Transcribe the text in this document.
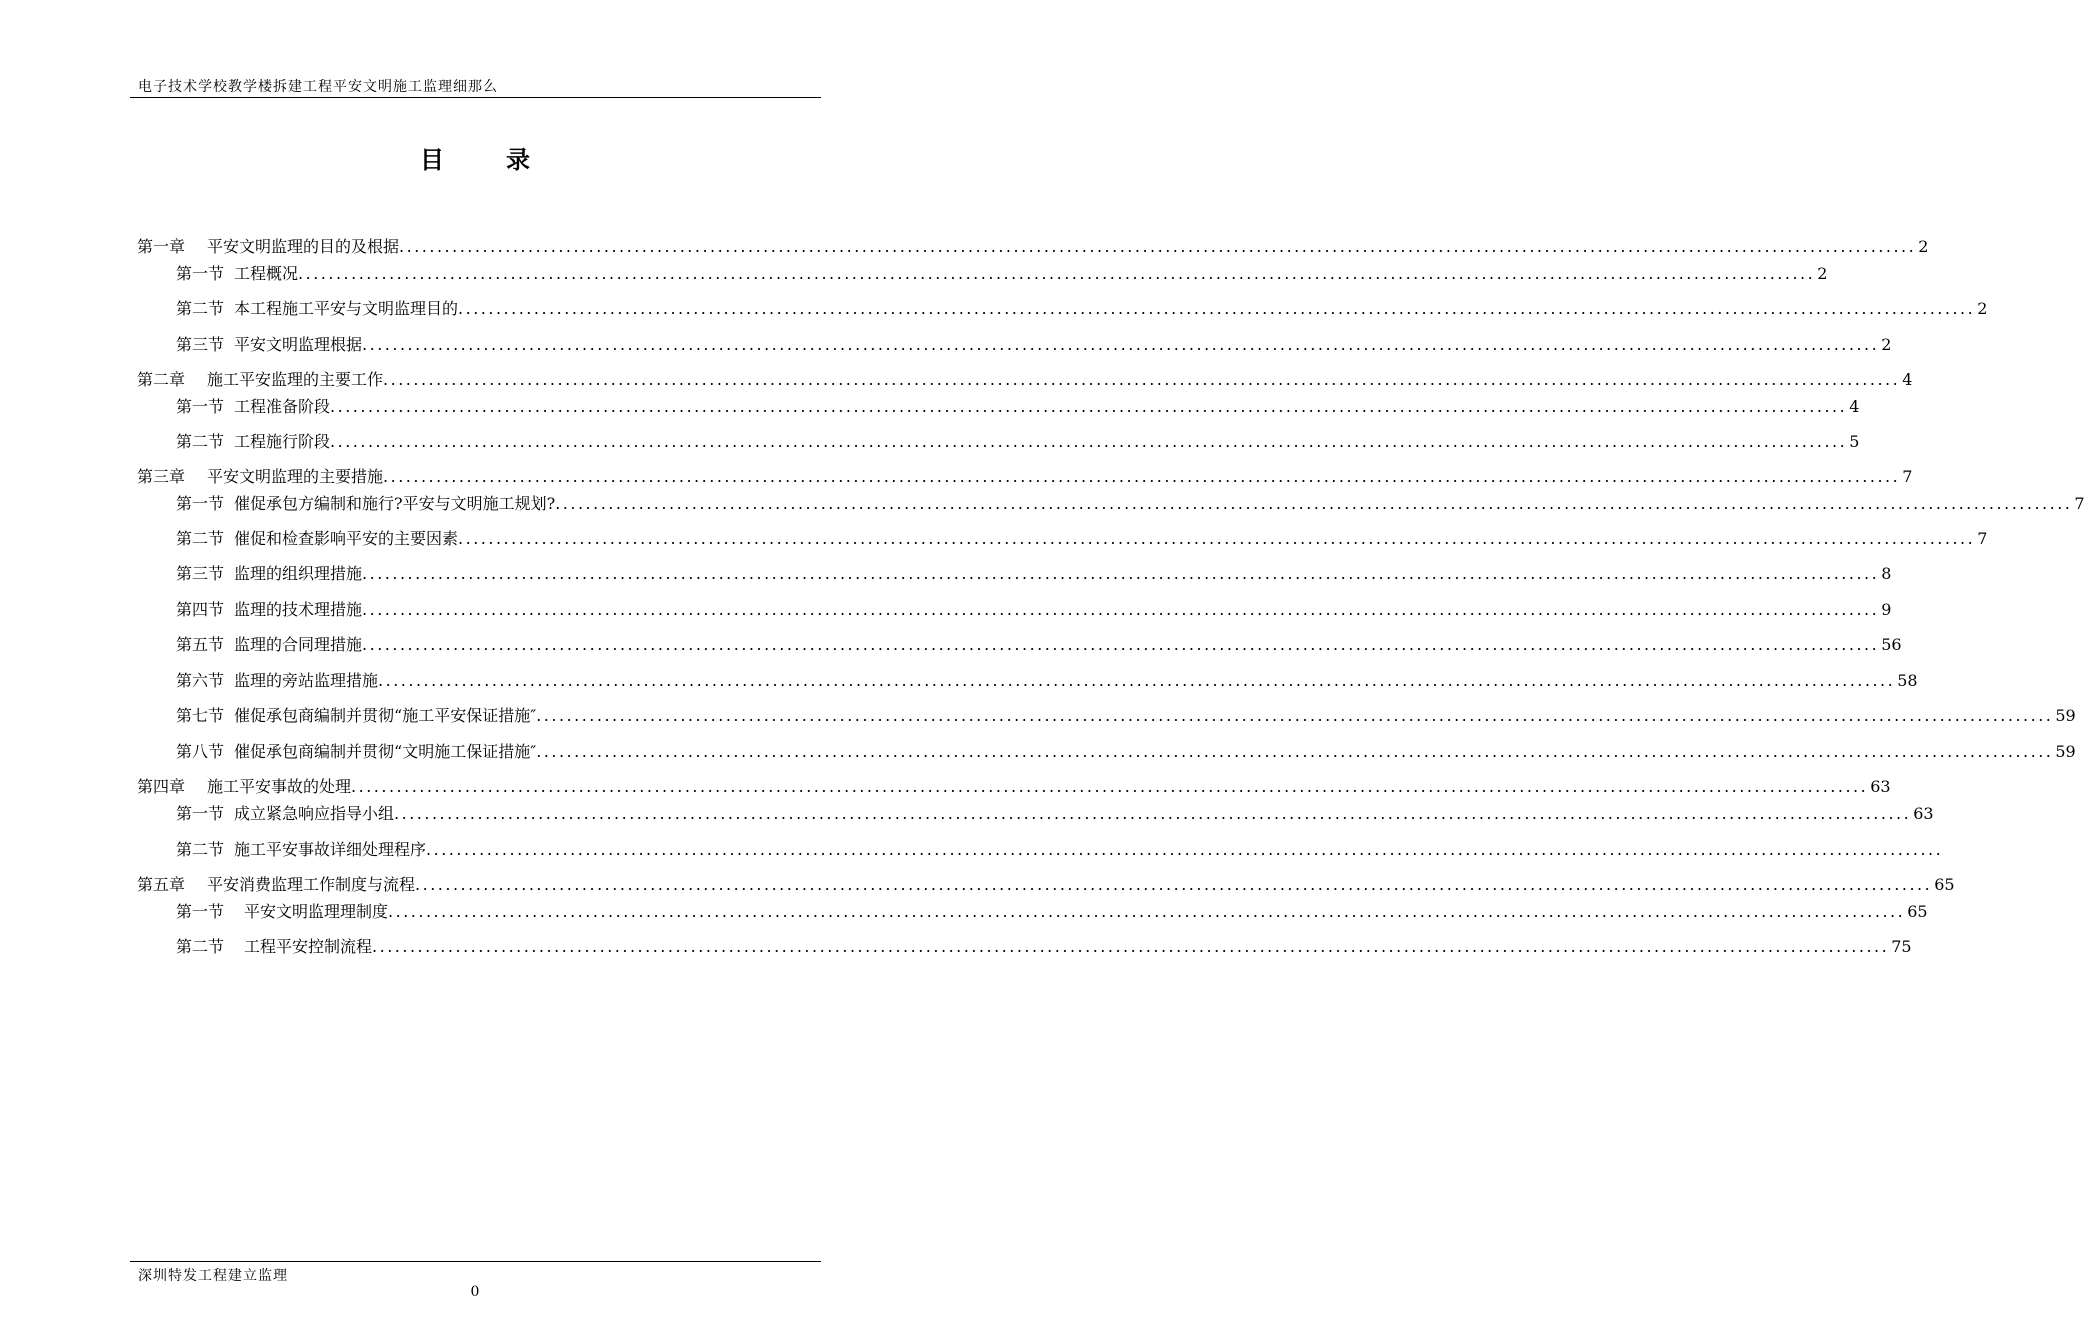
电子技术学校教学楼拆建工程平安文明施工监理细那么
目录
第一章 平安文明监理的目的及根据 ........................................................................................................................................................................................................ 2
第一节 工程概况 ........................................................................................................................................................................................................ 2
第二节 本工程施工平安与文明监理目的 ........................................................................................................................................................................................................ 2
第三节 平安文明监理根据 ........................................................................................................................................................................................................ 2
第二章 施工平安监理的主要工作 ........................................................................................................................................................................................................ 4
第一节 工程准备阶段 ........................................................................................................................................................................................................ 4
第二节 工程施行阶段 ........................................................................................................................................................................................................ 5
第三章 平安文明监理的主要措施 ........................................................................................................................................................................................................ 7
第一节 催促承包方编制和施行?平安与文明施工规划? ........................................................................................................................................................................................................ 7
第二节 催促和检查影响平安的主要因素 ........................................................................................................................................................................................................ 7
第三节 监理的组织理措施 ........................................................................................................................................................................................................ 8
第四节 监理的技术理措施 ........................................................................................................................................................................................................ 9
第五节 监理的合同理措施 ........................................................................................................................................................................................................ 56
第六节 监理的旁站监理措施 ........................................................................................................................................................................................................ 58
第七节 催促承包商编制并贯彻“施工平安保证措施″ ........................................................................................................................................................................................................ 59
第八节 催促承包商编制并贯彻“文明施工保证措施″ ........................................................................................................................................................................................................ 59
第四章 施工平安事故的处理 ........................................................................................................................................................................................................ 63
第一节 成立紧急响应指导小组 ........................................................................................................................................................................................................ 63
第二节 施工平安事故详细处理程序 ........................................................................................................................................................................................................
第五章 平安消费监理工作制度与流程 ........................................................................................................................................................................................................ 65
第一节 平安文明监理理制度 ........................................................................................................................................................................................................ 65
第二节 工程平安控制流程 ........................................................................................................................................................................................................ 75
深圳特发工程建立监理
0
